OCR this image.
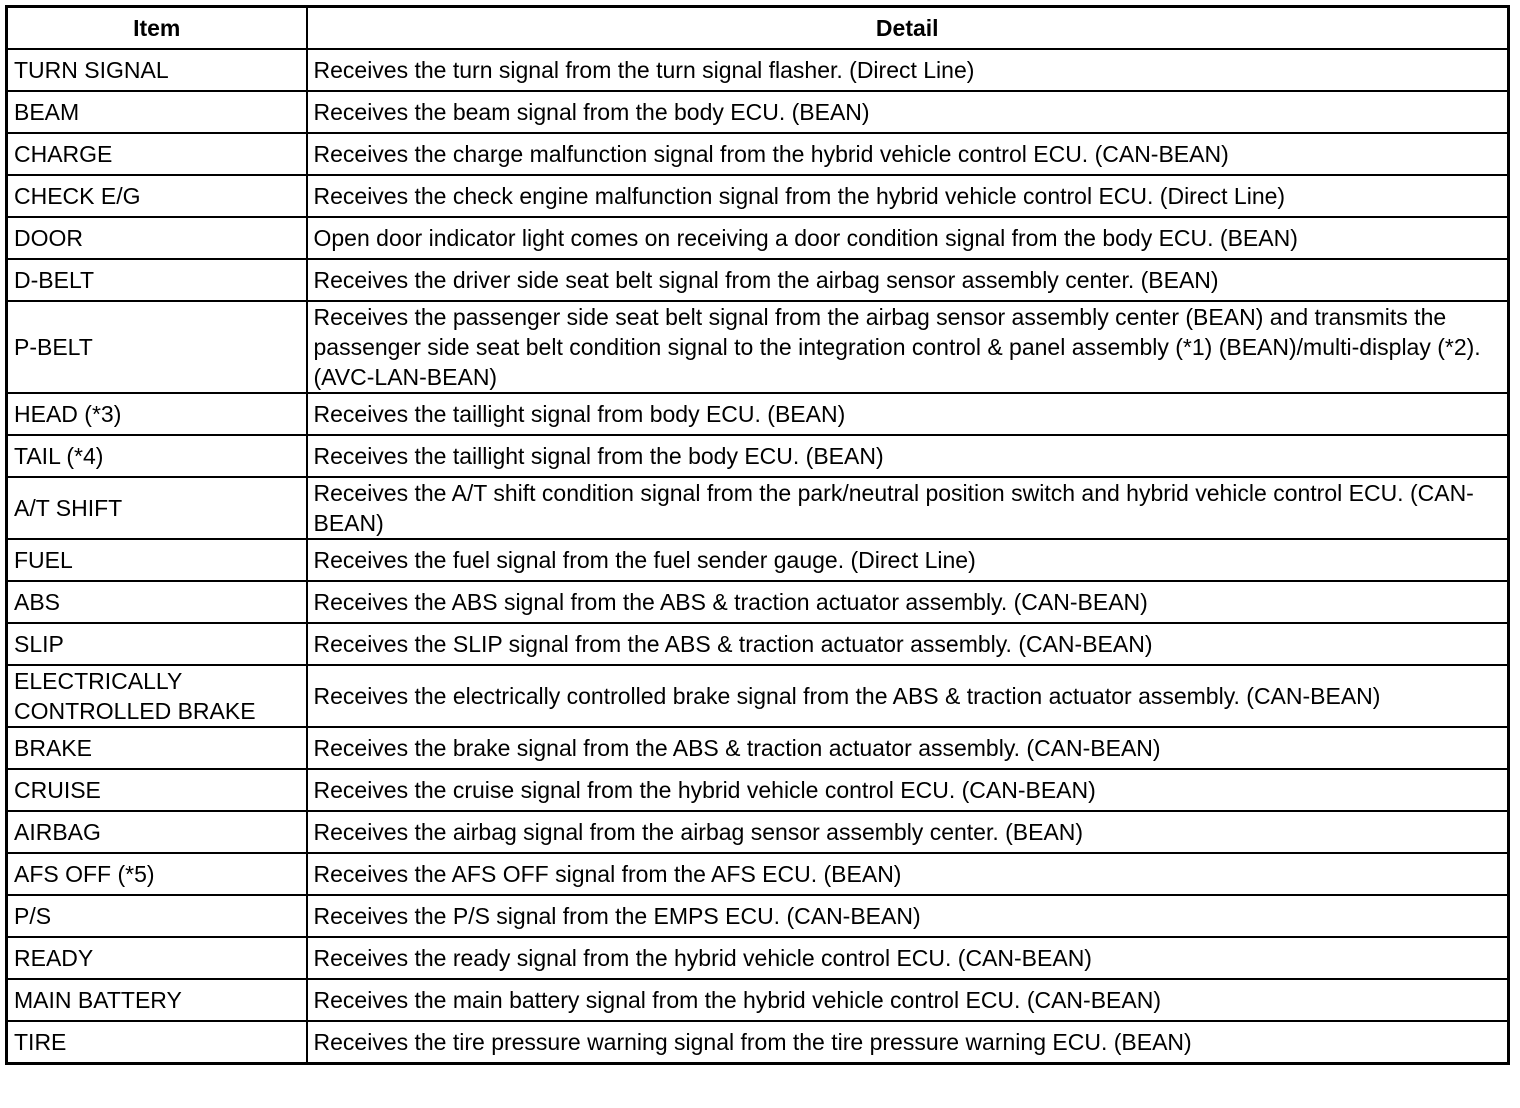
Item	Detail
TURN SIGNAL	Receives the turn signal from the turn signal flasher. (Direct Line)
BEAM	Receives the beam signal from the body ECU. (BEAN)
CHARGE	Receives the charge malfunction signal from the hybrid vehicle control ECU. (CAN-BEAN)
CHECK E/G	Receives the check engine malfunction signal from the hybrid vehicle control ECU. (Direct Line)
DOOR	Open door indicator light comes on receiving a door condition signal from the body ECU. (BEAN)
D-BELT	Receives the driver side seat belt signal from the airbag sensor assembly center. (BEAN)
P-BELT	Receives the passenger side seat belt signal from the airbag sensor assembly center (BEAN) and transmits the passenger side seat belt condition signal to the integration control & panel assembly (*1) (BEAN)/multi-display (*2). (AVC-LAN-BEAN)
HEAD (*3)	Receives the taillight signal from body ECU. (BEAN)
TAIL (*4)	Receives the taillight signal from the body ECU. (BEAN)
A/T SHIFT	Receives the A/T shift condition signal from the park/neutral position switch and hybrid vehicle control ECU. (CAN-BEAN)
FUEL	Receives the fuel signal from the fuel sender gauge. (Direct Line)
ABS	Receives the ABS signal from the ABS & traction actuator assembly. (CAN-BEAN)
SLIP	Receives the SLIP signal from the ABS & traction actuator assembly. (CAN-BEAN)
ELECTRICALLY CONTROLLED BRAKE	Receives the electrically controlled brake signal from the ABS & traction actuator assembly. (CAN-BEAN)
BRAKE	Receives the brake signal from the ABS & traction actuator assembly. (CAN-BEAN)
CRUISE	Receives the cruise signal from the hybrid vehicle control ECU. (CAN-BEAN)
AIRBAG	Receives the airbag signal from the airbag sensor assembly center. (BEAN)
AFS OFF (*5)	Receives the AFS OFF signal from the AFS ECU. (BEAN)
P/S	Receives the P/S signal from the EMPS ECU. (CAN-BEAN)
READY	Receives the ready signal from the hybrid vehicle control ECU. (CAN-BEAN)
MAIN BATTERY	Receives the main battery signal from the hybrid vehicle control ECU. (CAN-BEAN)
TIRE	Receives the tire pressure warning signal from the tire pressure warning ECU. (BEAN)
